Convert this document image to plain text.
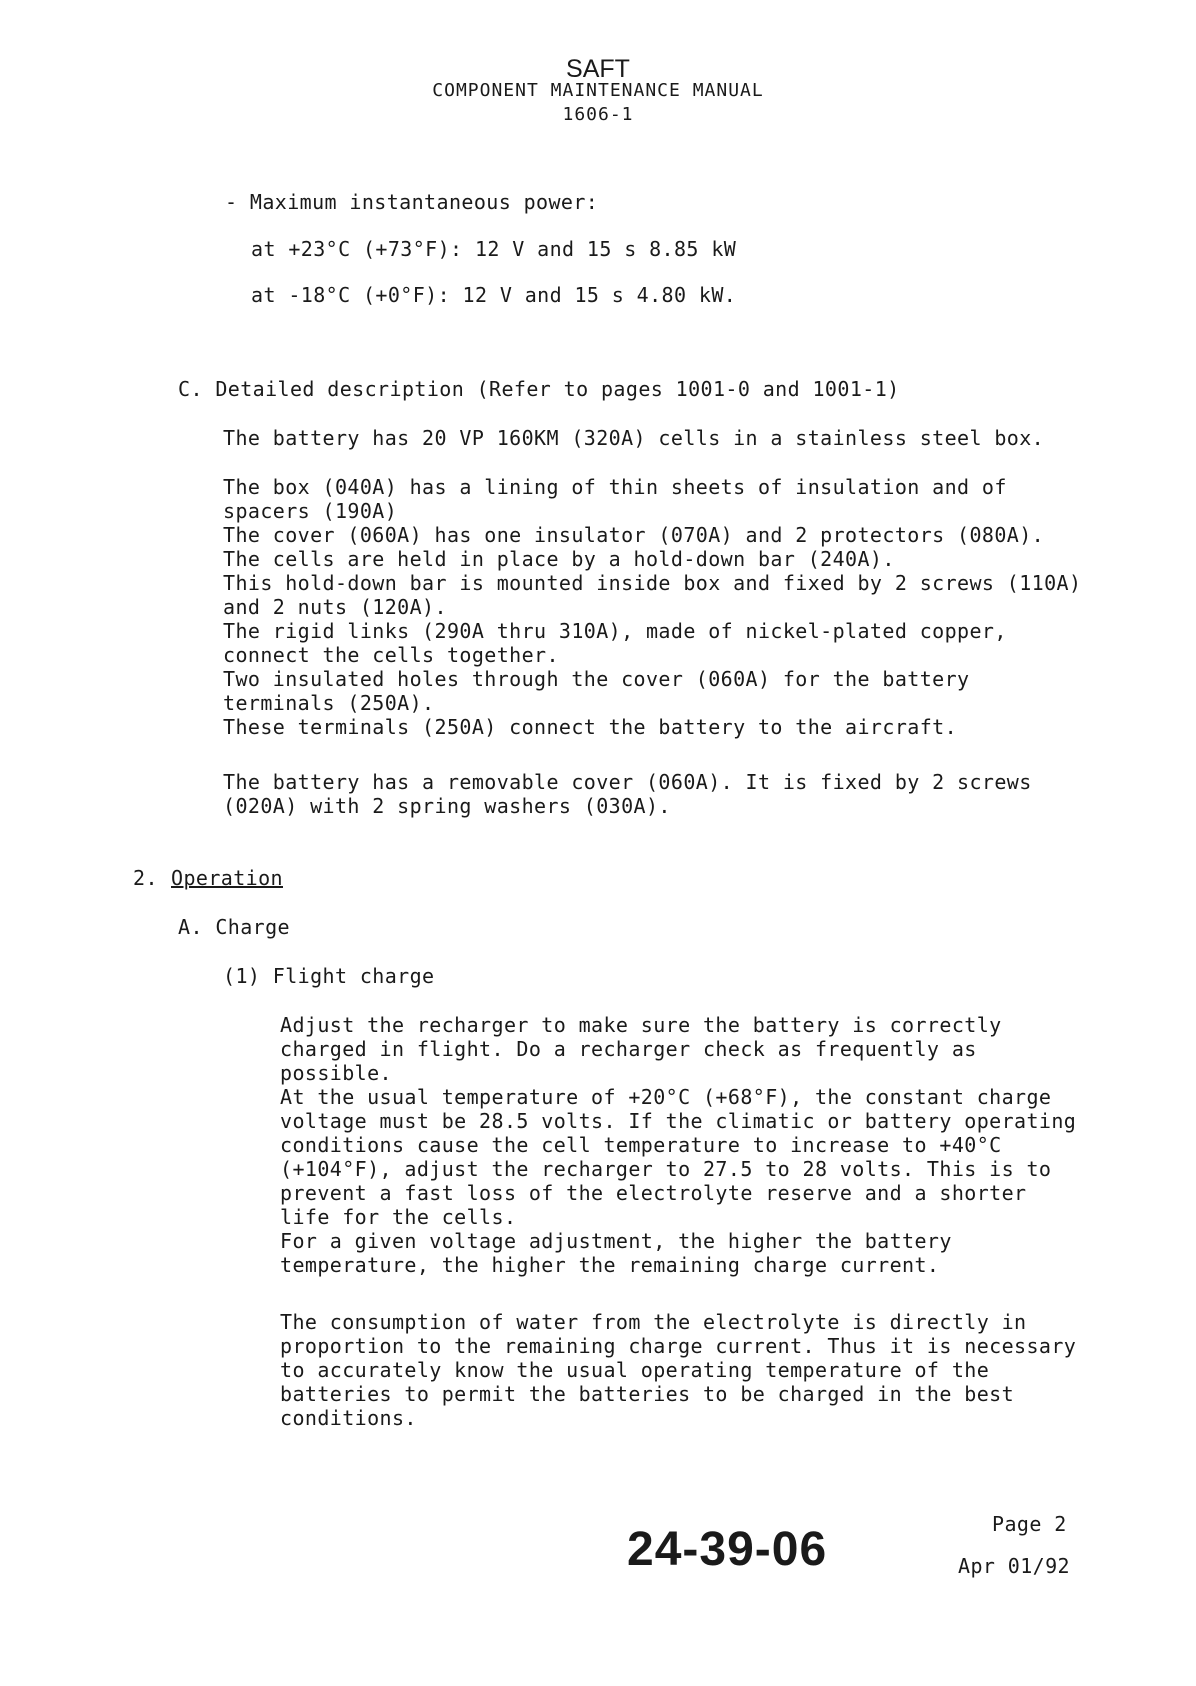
SAFT
COMPONENT MAINTENANCE MANUAL
1606-1
- Maximum instantaneous power:
at +23°C (+73°F): 12 V and 15 s 8.85 kW
at -18°C (+0°F): 12 V and 15 s 4.80 kW.
C. Detailed description (Refer to pages 1001-0 and 1001-1)
The battery has 20 VP 160KM (320A) cells in a stainless steel box.
The box (040A) has a lining of thin sheets of insulation and of
spacers (190A)
The cover (060A) has one insulator (070A) and 2 protectors (080A).
The cells are held in place by a hold-down bar (240A).
This hold-down bar is mounted inside box and fixed by 2 screws (110A)
and 2 nuts (120A).
The rigid links (290A thru 310A), made of nickel-plated copper,
connect the cells together.
Two insulated holes through the cover (060A) for the battery
terminals (250A).
These terminals (250A) connect the battery to the aircraft.
The battery has a removable cover (060A). It is fixed by 2 screws
(020A) with 2 spring washers (030A).
2. Operation
A. Charge
(1) Flight charge
Adjust the recharger to make sure the battery is correctly
charged in flight. Do a recharger check as frequently as
possible.
At the usual temperature of +20°C (+68°F), the constant charge
voltage must be 28.5 volts. If the climatic or battery operating
conditions cause the cell temperature to increase to +40°C
(+104°F), adjust the recharger to 27.5 to 28 volts. This is to
prevent a fast loss of the electrolyte reserve and a shorter
life for the cells.
For a given voltage adjustment, the higher the battery
temperature, the higher the remaining charge current.
The consumption of water from the electrolyte is directly in
proportion to the remaining charge current. Thus it is necessary
to accurately know the usual operating temperature of the
batteries to permit the batteries to be charged in the best
conditions.
24-39-06	Page 2
Apr 01/92
